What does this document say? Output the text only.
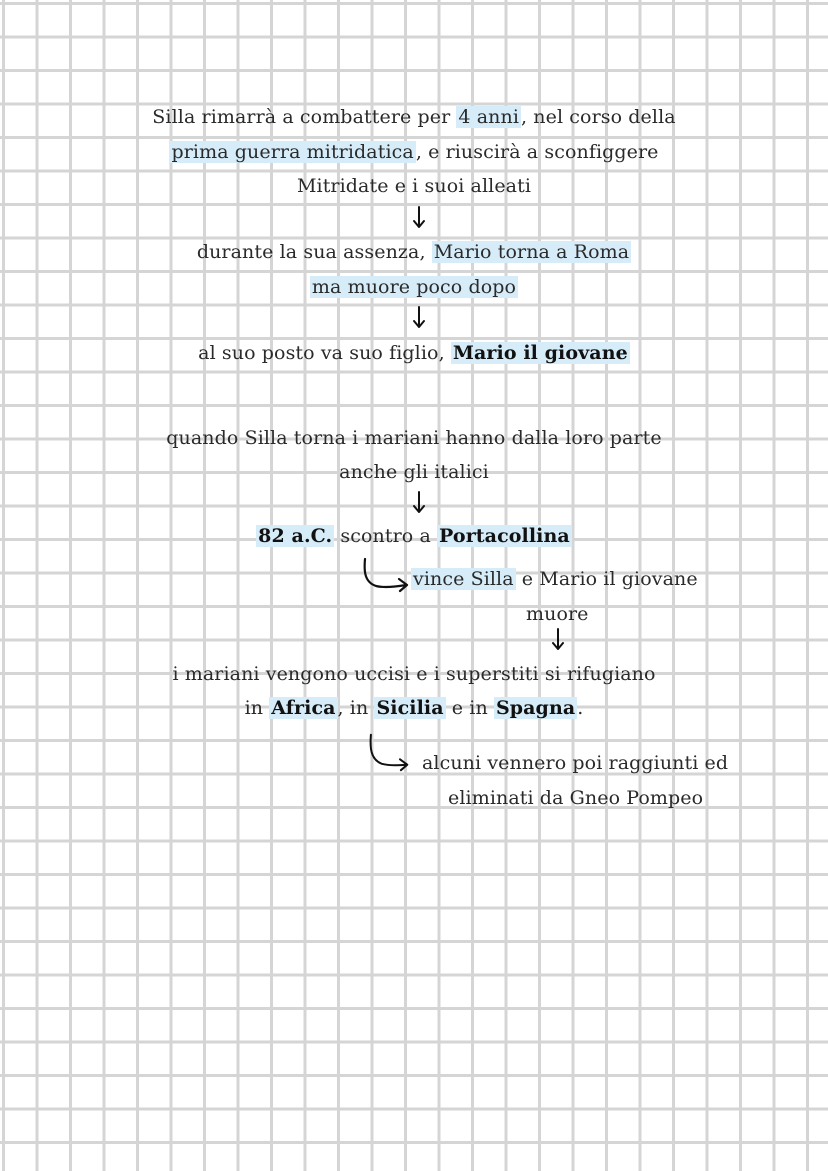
Silla rimarrà a combattere per 4 anni , nel corso della
prima guerra mitridatica , e riuscirà a sconfiggere
Mitridate e i suoi alleati
durante la sua assenza, Mario torna a Roma
ma muore poco dopo
al suo posto va suo figlio, Mario il giovane
quando Silla torna i mariani hanno dalla loro parte
anche gli italici
82 a.C. scontro a Portacollina
vince Silla e Mario il giovane
muore
i mariani vengono uccisi e i superstiti si rifugiano
in Africa , in Sicilia e in Spagna .
alcuni vennero poi raggiunti ed
eliminati da Gneo Pompeo
